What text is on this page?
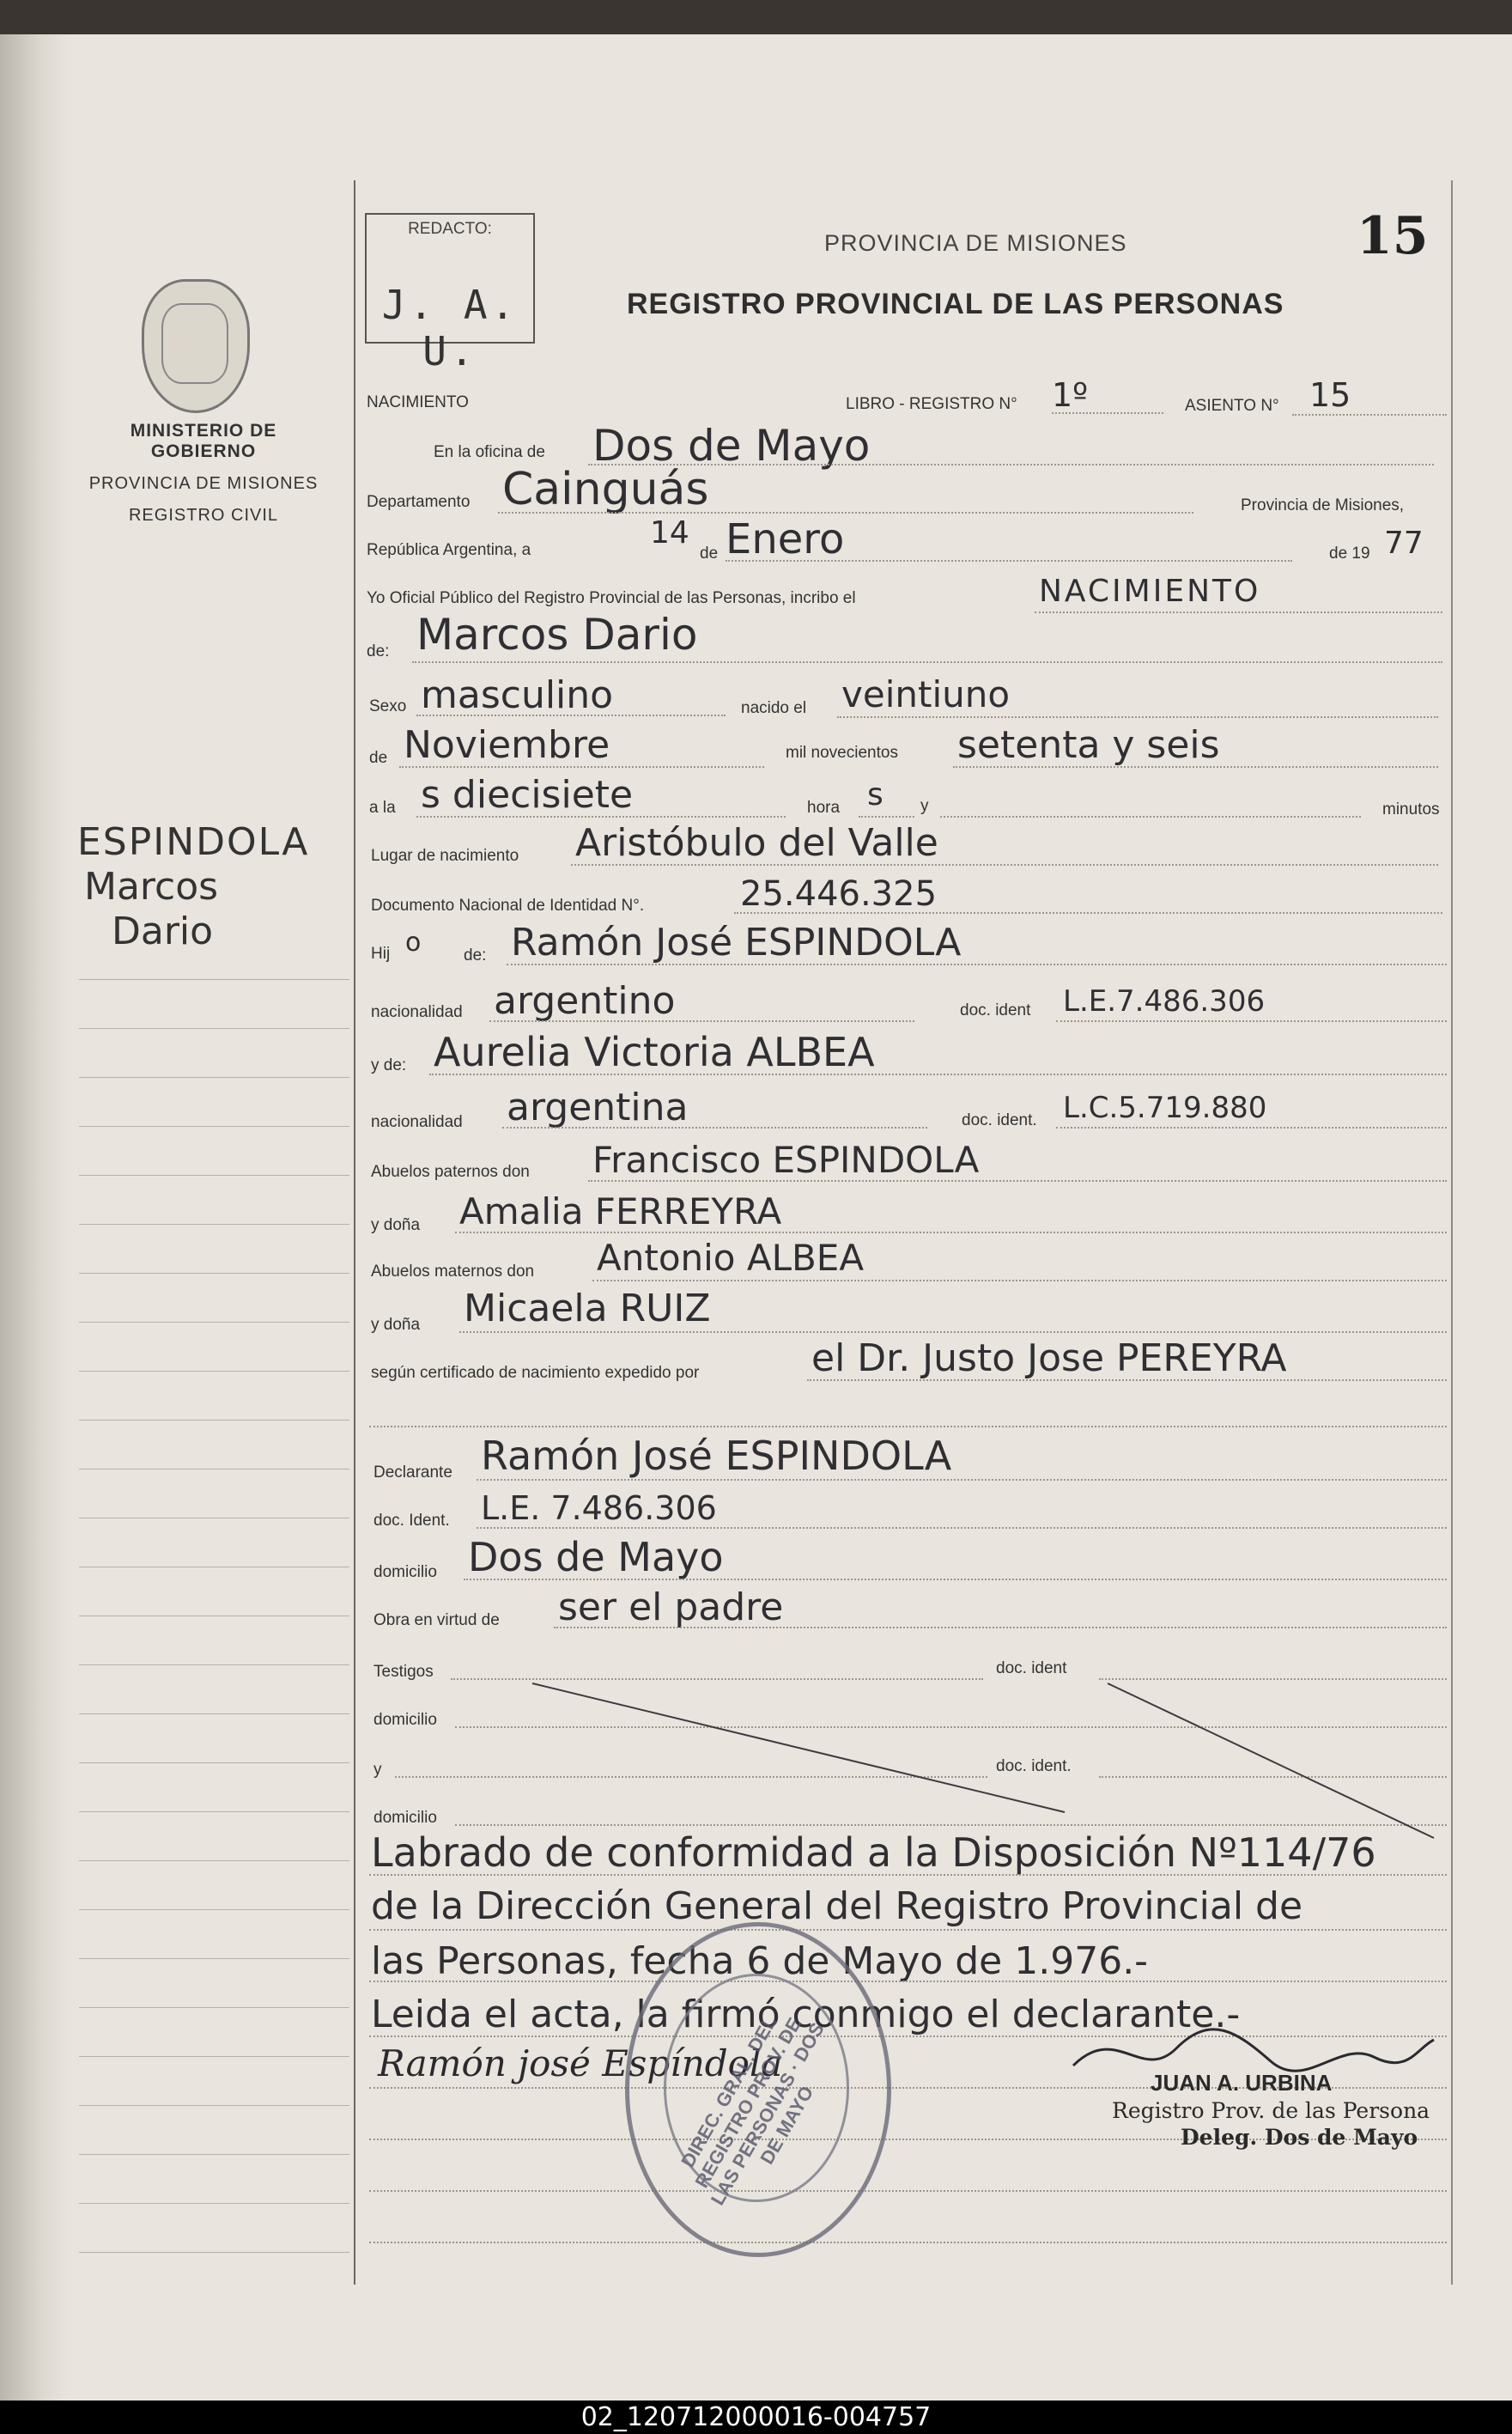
REDACTO:
J. A. U.
15
PROVINCIA DE MISIONES
REGISTRO PROVINCIAL DE LAS PERSONAS
MINISTERIO DE GOBIERNO
PROVINCIA DE MISIONES
REGISTRO CIVIL
ESPINDOLA
Marcos
Dario
NACIMIENTO	LIBRO - REGISTRO N° 1º	ASIENTO N° 15
En la oficina de Dos de Mayo
Departamento Cainguás	Provincia de Misiones,
República Argentina, a	14
de Enero	de 19 77
Yo Oficial Público del Registro Provincial de las Personas, incribo el	NACIMIENTO
de: Marcos Dario
Sexo masculino	nacido el veintiuno
de Noviembre	mil novecientos setenta y seis
a la s diecisiete	hora s y	minutos
Lugar de nacimiento Aristóbulo del Valle
Documento Nacional de Identidad N°.	25.446.325
Hij o	de: Ramón José ESPINDOLA
nacionalidad argentino	doc. ident L.E.7.486.306
y de: Aurelia Victoria ALBEA
nacionalidad argentina	doc. ident. L.C.5.719.880
Abuelos paternos don Francisco ESPINDOLA
y doña Amalia FERREYRA
Abuelos maternos don Antonio ALBEA
y doña Micaela RUIZ
según certificado de nacimiento expedido por	el Dr. Justo Jose PEREYRA
Declarante Ramón José ESPINDOLA
doc. Ident. L.E. 7.486.306
domicilio Dos de Mayo
Obra en virtud de ser el padre
Testigos	doc. ident
domicilio
y	doc. ident.
domicilio
Labrado de conformidad a la Disposición Nº114/76
de la Dirección General del Registro Provincial de
las Personas, fecha 6 de Mayo de 1.976.-
Leida el acta, la firmó conmigo el declarante.-
Ramón josé Espíndola
DIREC. GRAL. DEL REGISTRO PROV. DE LAS PERSONAS · DOS DE MAYO	JUAN A. URBINA
Registro Prov. de las Persona
Deleg. Dos de Mayo
02_120712000016-004757
